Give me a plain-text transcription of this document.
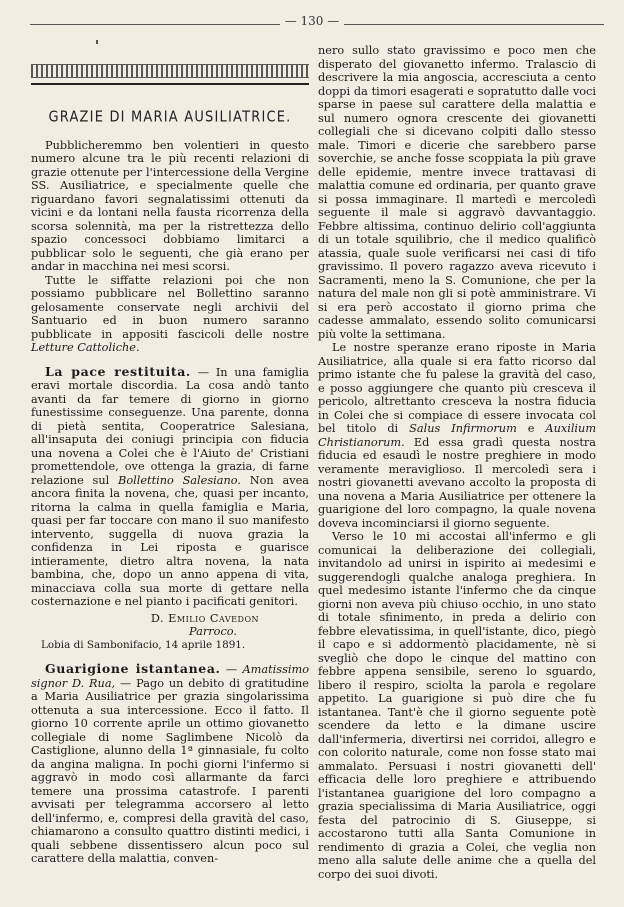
— 130 —
GRAZIE DI MARIA AUSILIATRICE.

Pubblicheremmo ben volentieri in questo numero alcune tra le più recenti relazioni di grazie ottenute per l'intercessione della Vergine SS. Ausiliatrice, e specialmente quelle che riguardano favori segnalatissimi ottenuti da vicini e da lontani nella fausta ricorrenza della scorsa solennità, ma per la ristrettezza dello spazio concessoci dobbiamo limitarci a pubblicar solo le seguenti, che già erano per andar in macchina nei mesi scorsi.

Tutte le siffatte relazioni poi che non possiamo pubblicare nel Bollettino saranno gelosamente conservate negli archivii del Santuario ed in buon numero saranno pubblicate in appositi fascicoli delle nostre Letture Cattoliche.

La pace restituita. — In una famiglia eravi mortale discordia. La cosa andò tanto avanti da far temere di giorno in giorno funestissime conseguenze. Una parente, donna di pietà sentita, Cooperatrice Salesiana, all'insaputa dei coniugi principia con fiducia una novena a Colei che è l'Aiuto de' Cristiani promettendole, ove ottenga la grazia, di farne relazione sul Bollettino Salesiano. Non avea ancora finita la novena, che, quasi per incanto, ritorna la calma in quella famiglia e Maria, quasi per far toccare con mano il suo manifesto intervento, suggella di nuova grazia la confidenza in Lei riposta e guarisce intieramente, dietro altra novena, la nata bambina, che, dopo un anno appena di vita, minacciava colla sua morte di gettare nella costernazione e nel pianto i pacificati genitori.

D. Emilio Cavedon
Parroco.

Lobia di Sambonifacio, 14 aprile 1891.

Guarigione istantanea. — Amatissimo signor D. Rua, — Pago un debito di gratitudine a Maria Ausiliatrice per grazia singolarissima ottenuta a sua intercessione. Ecco il fatto. Il giorno 10 corrente aprile un ottimo giovanetto collegiale di nome Saglimbene Nicolò da Castiglione, alunno della 1ª ginnasiale, fu colto da angina maligna. In pochi giorni l'infermo si aggravò in modo così allarmante da farci temere una prossima catastrofe. I parenti avvisati per telegramma accorsero al letto dell'infermo, e, compresi della gravità del caso, chiamarono a consulto quattro distinti medici, i quali sebbene dissentissero alcun poco sul carattere della malattia, conven-

nero sullo stato gravissimo e poco men che disperato del giovanetto infermo. Tralascio di descrivere la mia angoscia, accresciuta a cento doppi da timori esagerati e sopratutto dalle voci sparse in paese sul carattere della malattia e sul numero ognora crescente dei giovanetti collegiali che si dicevano colpiti dallo stesso male. Timori e dicerie che sarebbero parse soverchie, se anche fosse scoppiata la più grave delle epidemie, mentre invece trattavasi di malattia comune ed ordinaria, per quanto grave si possa immaginare. Il martedì e mercoledì seguente il male si aggravò davvantaggio. Febbre altissima, continuo delirio coll'aggiunta di un totale squilibrio, che il medico qualificò atassia, quale suole verificarsi nei casi di tifo gravissimo. Il povero ragazzo aveva ricevuto i Sacramenti, meno la S. Comunione, che per la natura del male non gli si potè amministrare. Vi si era però accostato il giorno prima che cadesse ammalato, essendo solito comunicarsi più volte la settimana.

Le nostre speranze erano riposte in Maria Ausiliatrice, alla quale si era fatto ricorso dal primo istante che fu palese la gravità del caso, e posso aggiungere che quanto più cresceva il pericolo, altrettanto cresceva la nostra fiducia in Colei che si compiace di essere invocata col bel titolo di Salus Infirmorum e Auxilium Christianorum. Ed essa gradì questa nostra fiducia ed esaudì le nostre preghiere in modo veramente meraviglioso. Il mercoledì sera i nostri giovanetti avevano accolto la proposta di una novena a Maria Ausiliatrice per ottenere la guarigione del loro compagno, la quale novena doveva incominciarsi il giorno seguente.

Verso le 10 mi accostai all'infermo e gli comunicai la deliberazione dei collegiali, invitandolo ad unirsi in ispirito ai medesimi e suggerendogli qualche analoga preghiera. In quel medesimo istante l'infermo che da cinque giorni non aveva più chiuso occhio, in uno stato di totale sfinimento, in preda a delirio con febbre elevatissima, in quell'istante, dico, piegò il capo e si addormentò placidamente, nè si svegliò che dopo le cinque del mattino con febbre appena sensibile, sereno lo sguardo, libero il respiro, sciolta la parola e regolare appetito. La guarigione si può dire che fu istantanea. Tant'è che il giorno seguente potè scendere da letto e la dimane uscire dall'infermeria, divertirsi nei corridoi, allegro e con colorito naturale, come non fosse stato mai ammalato. Persuasi i nostri giovanetti dell' efficacia delle loro preghiere e attribuendo l'istantanea guarigione del loro compagno a grazia specialissima di Maria Ausiliatrice, oggi festa del patrocinio di S. Giuseppe, si accostarono tutti alla Santa Comunione in rendimento di grazia a Colei, che veglia non meno alla salute delle anime che a quella del corpo dei suoi divoti.
